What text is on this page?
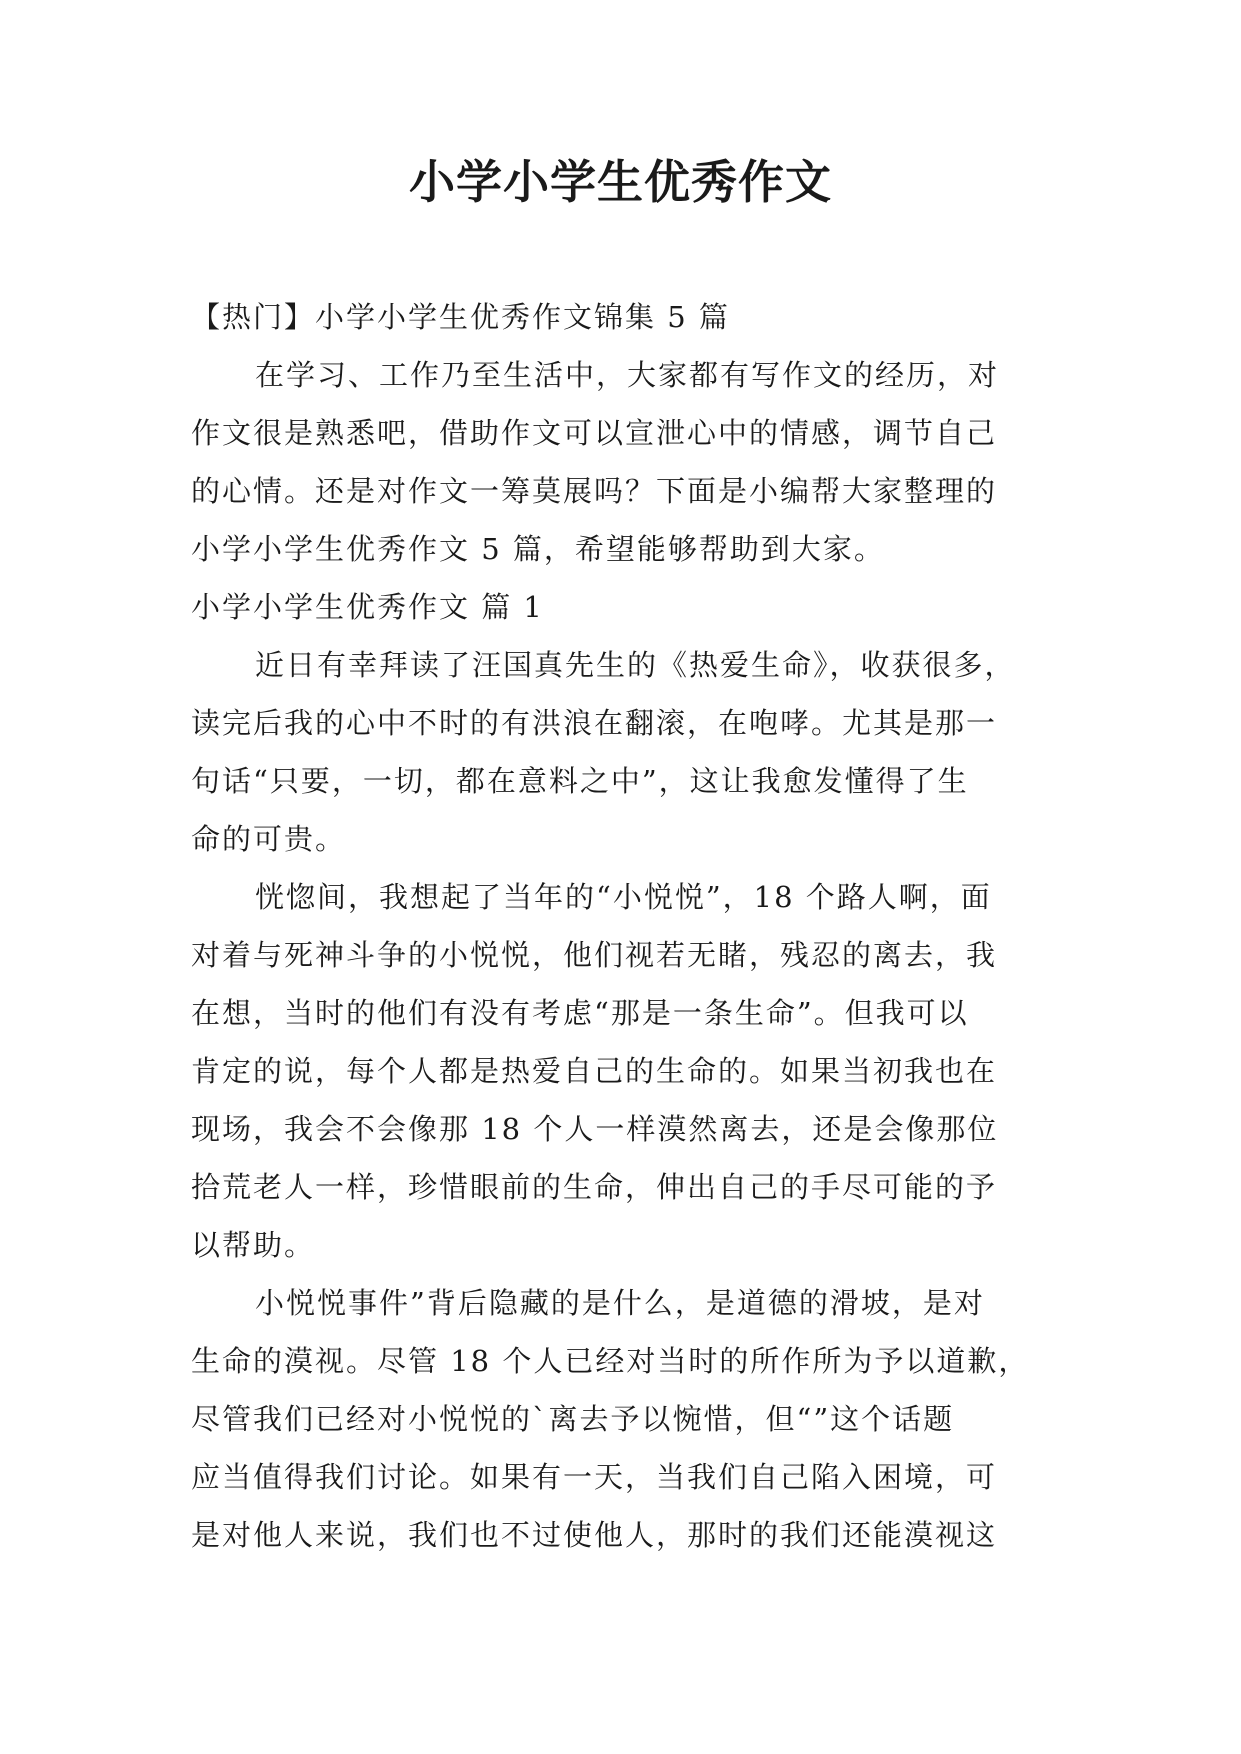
小学小学生优秀作文

【热门】小学小学生优秀作文锦集 5 篇

在学习、工作乃至生活中，大家都有写作文的经历，对
作文很是熟悉吧，借助作文可以宣泄心中的情感，调节自己
的心情。还是对作文一筹莫展吗？下面是小编帮大家整理的
小学小学生优秀作文 5 篇，希望能够帮助到大家。

小学小学生优秀作文 篇 1

近日有幸拜读了汪国真先生的《热爱生命》，收获很多，
读完后我的心中不时的有洪浪在翻滚，在咆哮。尤其是那一
句话“只要，一切，都在意料之中”，这让我愈发懂得了生
命的可贵。

恍惚间，我想起了当年的“小悦悦”，18 个路人啊，面
对着与死神斗争的小悦悦，他们视若无睹，残忍的离去，我
在想，当时的他们有没有考虑“那是一条生命”。但我可以
肯定的说，每个人都是热爱自己的生命的。如果当初我也在
现场，我会不会像那 18 个人一样漠然离去，还是会像那位
拾荒老人一样，珍惜眼前的生命，伸出自己的手尽可能的予
以帮助。

小悦悦事件”背后隐藏的是什么，是道德的滑坡，是对
生命的漠视。尽管 18 个人已经对当时的所作所为予以道歉，
尽管我们已经对小悦悦的`离去予以惋惜，但“”这个话题
应当值得我们讨论。如果有一天，当我们自己陷入困境，可
是对他人来说，我们也不过使他人，那时的我们还能漠视这
